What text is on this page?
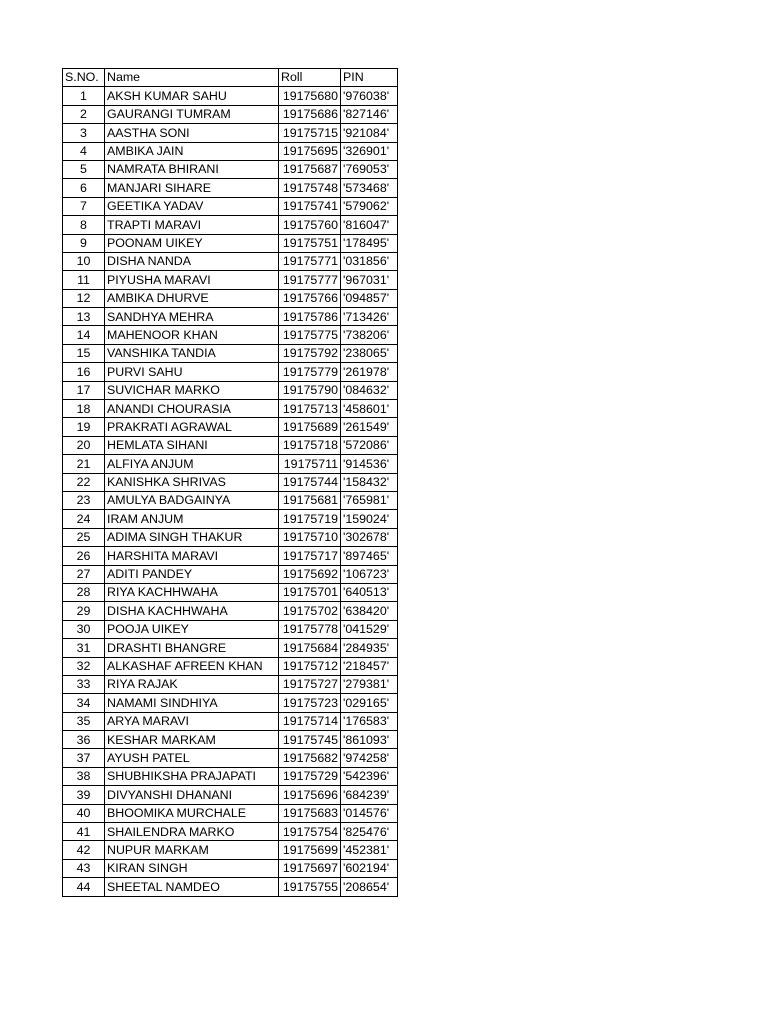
S.NO.	Name	Roll	PIN
1	AKSH KUMAR SAHU	19175680	'976038'
2	GAURANGI TUMRAM	19175686	'827146'
3	AASTHA SONI	19175715	'921084'
4	AMBIKA JAIN	19175695	'326901'
5	NAMRATA BHIRANI	19175687	'769053'
6	MANJARI SIHARE	19175748	'573468'
7	GEETIKA YADAV	19175741	'579062'
8	TRAPTI MARAVI	19175760	'816047'
9	POONAM UIKEY	19175751	'178495'
10	DISHA NANDA	19175771	'031856'
11	PIYUSHA MARAVI	19175777	'967031'
12	AMBIKA DHURVE	19175766	'094857'
13	SANDHYA MEHRA	19175786	'713426'
14	MAHENOOR KHAN	19175775	'738206'
15	VANSHIKA TANDIA	19175792	'238065'
16	PURVI SAHU	19175779	'261978'
17	SUVICHAR MARKO	19175790	'084632'
18	ANANDI CHOURASIA	19175713	'458601'
19	PRAKRATI AGRAWAL	19175689	'261549'
20	HEMLATA SIHANI	19175718	'572086'
21	ALFIYA ANJUM	19175711	'914536'
22	KANISHKA SHRIVAS	19175744	'158432'
23	AMULYA BADGAINYA	19175681	'765981'
24	IRAM ANJUM	19175719	'159024'
25	ADIMA SINGH THAKUR	19175710	'302678'
26	HARSHITA MARAVI	19175717	'897465'
27	ADITI PANDEY	19175692	'106723'
28	RIYA KACHHWAHA	19175701	'640513'
29	DISHA KACHHWAHA	19175702	'638420'
30	POOJA UIKEY	19175778	'041529'
31	DRASHTI BHANGRE	19175684	'284935'
32	ALKASHAF AFREEN KHAN	19175712	'218457'
33	RIYA RAJAK	19175727	'279381'
34	NAMAMI SINDHIYA	19175723	'029165'
35	ARYA MARAVI	19175714	'176583'
36	KESHAR MARKAM	19175745	'861093'
37	AYUSH PATEL	19175682	'974258'
38	SHUBHIKSHA PRAJAPATI	19175729	'542396'
39	DIVYANSHI DHANANI	19175696	'684239'
40	BHOOMIKA MURCHALE	19175683	'014576'
41	SHAILENDRA MARKO	19175754	'825476'
42	NUPUR MARKAM	19175699	'452381'
43	KIRAN SINGH	19175697	'602194'
44	SHEETAL NAMDEO	19175755	'208654'
